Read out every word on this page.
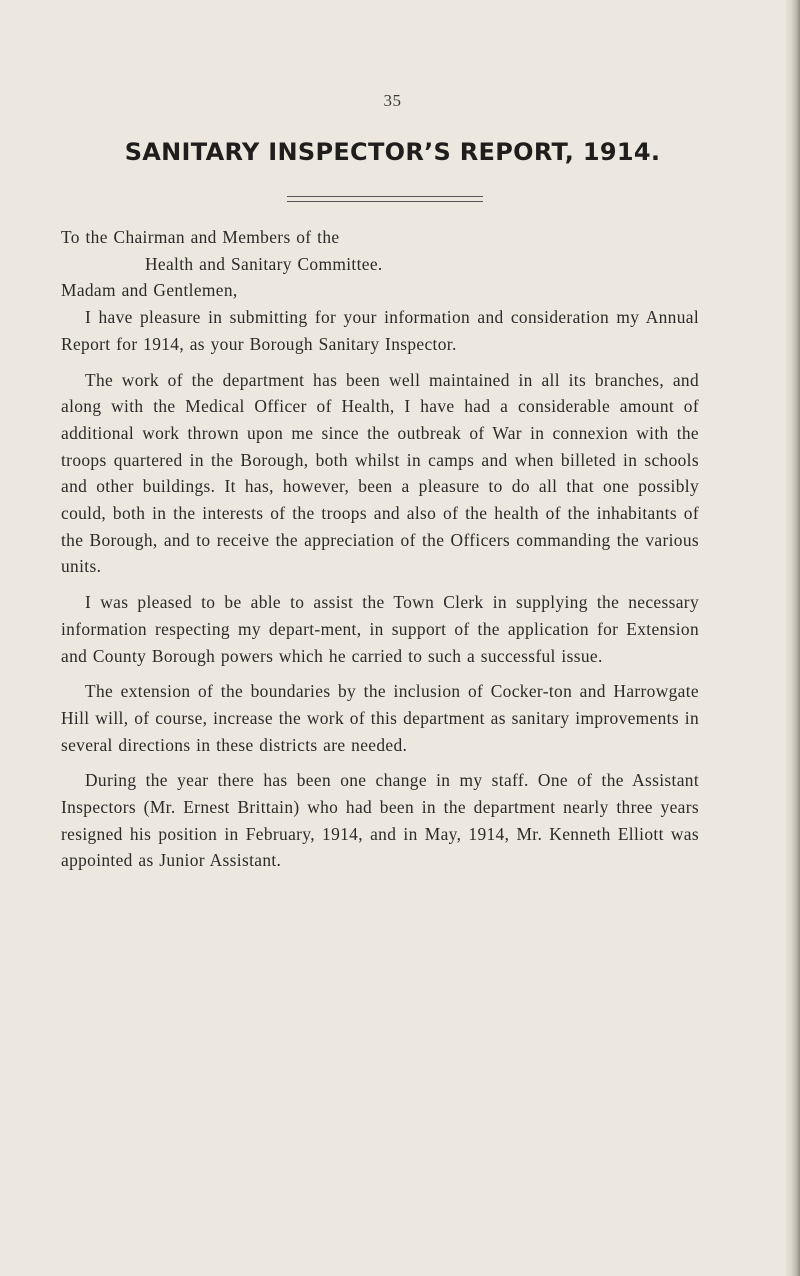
35
SANITARY INSPECTOR’S REPORT, 1914.

To the Chairman and Members of the

Health and Sanitary Committee.

Madam and Gentlemen,

I have pleasure in submitting for your information and consideration my Annual Report for 1914, as your Borough Sanitary Inspector.

The work of the department has been well maintained in all its branches, and along with the Medical Officer of Health, I have had a considerable amount of additional work thrown upon me since the outbreak of War in connexion with the troops quartered in the Borough, both whilst in camps and when billeted in schools and other buildings. It has, however, been a pleasure to do all that one possibly could, both in the interests of the troops and also of the health of the inhabitants of the Borough, and to receive the appreciation of the Officers commanding the various units.

I was pleased to be able to assist the Town Clerk in supplying the necessary information respecting my depart-ment, in support of the application for Extension and County Borough powers which he carried to such a successful issue.

The extension of the boundaries by the inclusion of Cocker-ton and Harrowgate Hill will, of course, increase the work of this department as sanitary improvements in several directions in these districts are needed.

During the year there has been one change in my staff. One of the Assistant Inspectors (Mr. Ernest Brittain) who had been in the department nearly three years resigned his position in February, 1914, and in May, 1914, Mr. Kenneth Elliott was appointed as Junior Assistant.
